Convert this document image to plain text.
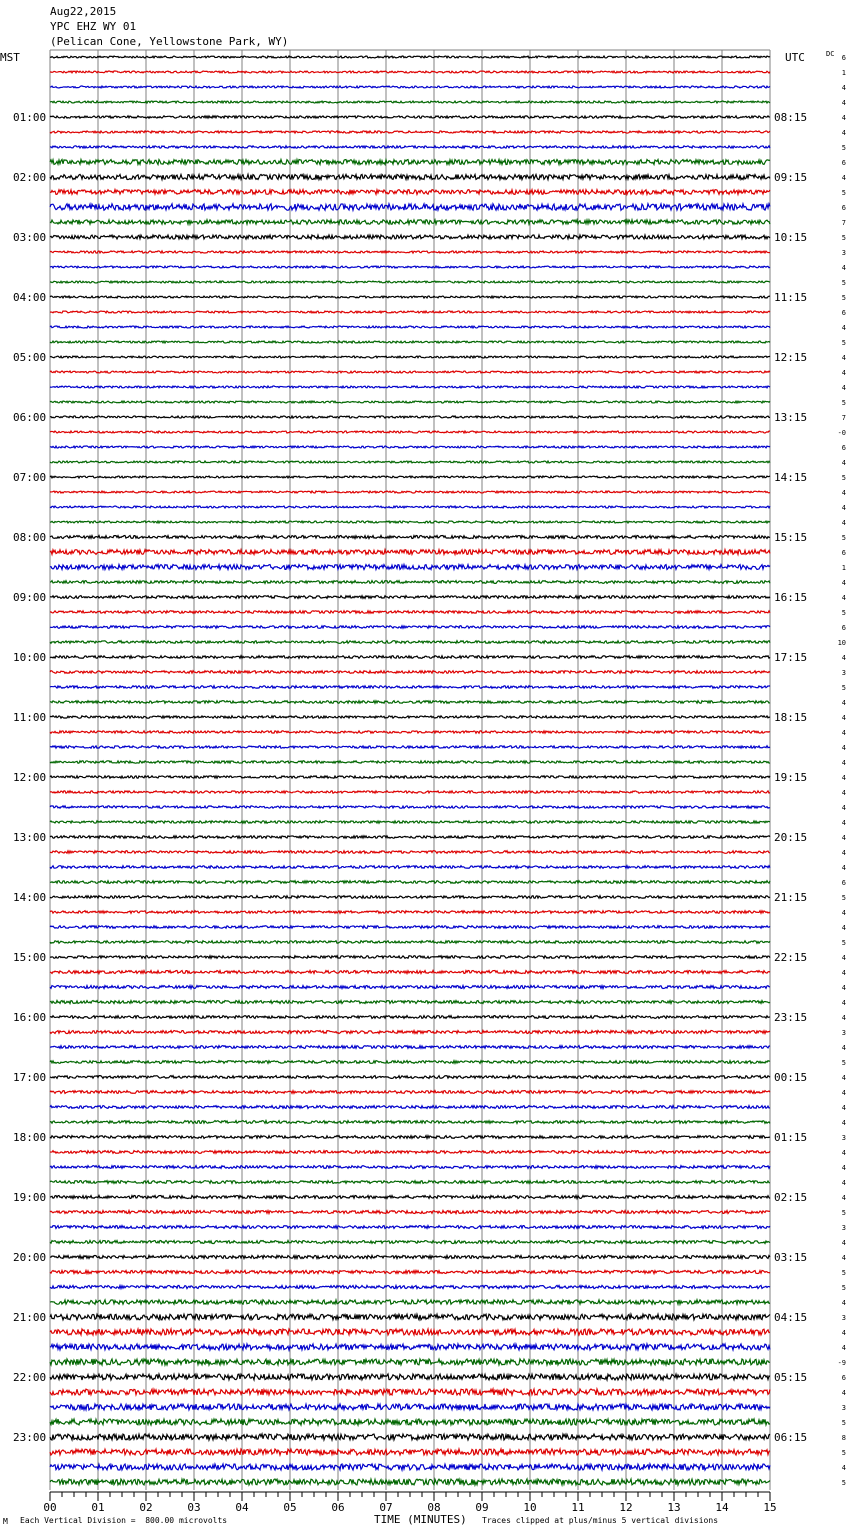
Aug22,2015
YPC EHZ WY 01
(Pelican Cone, Yellowstone Park, WY)
01:00
02:00
03:00
04:00
05:00
06:00
07:00
08:00
09:00
10:00
11:00
12:00
13:00
14:00
15:00
16:00
17:00
18:00
19:00
20:00
21:00
22:00
23:00
08:15
09:15
10:15
11:15
12:15
13:15
14:15
15:15
16:15
17:15
18:15
19:15
20:15
21:15
22:15
23:15
00:15
01:15
02:15
03:15
04:15
05:15
06:15
6
1
4
4
4
4
5
6
4
5
6
7
5
3
4
5
5
6
4
5
4
4
4
5
7
-0
6
4
5
4
4
4
5
6
1
4
4
5
6
10
4
3
5
4
4
4
4
4
4
4
4
4
4
4
4
6
5
4
4
5
4
4
4
4
4
3
4
5
4
4
4
4
3
4
4
4
4
5
3
4
4
5
5
4
3
4
4
-9
6
4
3
5
8
5
4
5
00	01	02	03	04	05	06	07	08	09	10	11	12	13	14	15
MST	UTC	DC
TIME (MINUTES)
M Each Vertical Division =  800.00 microvolts	Traces clipped at plus/minus 5 vertical divisions
